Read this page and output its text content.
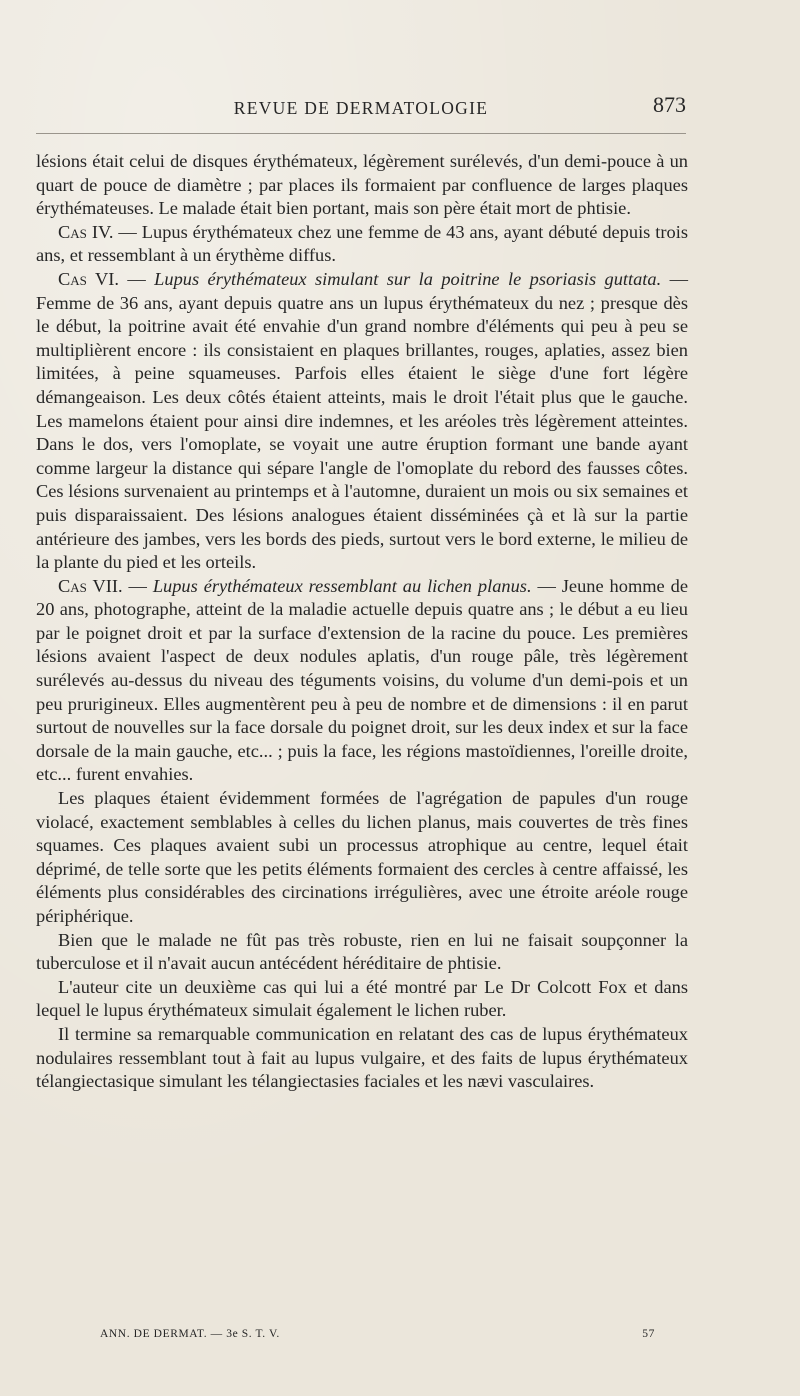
REVUE DE DERMATOLOGIE	873

lésions était celui de disques érythémateux, légèrement surélevés, d'un demi-pouce à un quart de pouce de diamètre ; par places ils formaient par confluence de larges plaques érythémateuses. Le malade était bien portant, mais son père était mort de phtisie.

Cas IV. — Lupus érythémateux chez une femme de 43 ans, ayant débuté depuis trois ans, et ressemblant à un érythème diffus.

Cas VI. — Lupus érythémateux simulant sur la poitrine le psoriasis guttata. — Femme de 36 ans, ayant depuis quatre ans un lupus érythémateux du nez ; presque dès le début, la poitrine avait été envahie d'un grand nombre d'éléments qui peu à peu se multiplièrent encore : ils consistaient en plaques brillantes, rouges, aplaties, assez bien limitées, à peine squameuses. Parfois elles étaient le siège d'une fort légère démangeaison. Les deux côtés étaient atteints, mais le droit l'était plus que le gauche. Les mamelons étaient pour ainsi dire indemnes, et les aréoles très légèrement atteintes. Dans le dos, vers l'omoplate, se voyait une autre éruption formant une bande ayant comme largeur la distance qui sépare l'angle de l'omoplate du rebord des fausses côtes. Ces lésions survenaient au printemps et à l'automne, duraient un mois ou six semaines et puis disparaissaient. Des lésions analogues étaient disséminées çà et là sur la partie antérieure des jambes, vers les bords des pieds, surtout vers le bord externe, le milieu de la plante du pied et les orteils.

Cas VII. — Lupus érythémateux ressemblant au lichen planus. — Jeune homme de 20 ans, photographe, atteint de la maladie actuelle depuis quatre ans ; le début a eu lieu par le poignet droit et par la surface d'extension de la racine du pouce. Les premières lésions avaient l'aspect de deux nodules aplatis, d'un rouge pâle, très légèrement surélevés au-dessus du niveau des téguments voisins, du volume d'un demi-pois et un peu prurigineux. Elles augmentèrent peu à peu de nombre et de dimensions : il en parut surtout de nouvelles sur la face dorsale du poignet droit, sur les deux index et sur la face dorsale de la main gauche, etc... ; puis la face, les régions mastoïdiennes, l'oreille droite, etc... furent envahies.

Les plaques étaient évidemment formées de l'agrégation de papules d'un rouge violacé, exactement semblables à celles du lichen planus, mais couvertes de très fines squames. Ces plaques avaient subi un processus atrophique au centre, lequel était déprimé, de telle sorte que les petits éléments formaient des cercles à centre affaissé, les éléments plus considérables des circinations irrégulières, avec une étroite aréole rouge périphérique.

Bien que le malade ne fût pas très robuste, rien en lui ne faisait soupçonner la tuberculose et il n'avait aucun antécédent héréditaire de phtisie.

L'auteur cite un deuxième cas qui lui a été montré par Le Dr Colcott Fox et dans lequel le lupus érythémateux simulait également le lichen ruber.

Il termine sa remarquable communication en relatant des cas de lupus érythémateux nodulaires ressemblant tout à fait au lupus vulgaire, et des faits de lupus érythémateux télangiectasique simulant les télangiectasies faciales et les nævi vasculaires.

ANN. DE DERMAT. — 3e S. T. V.	57
